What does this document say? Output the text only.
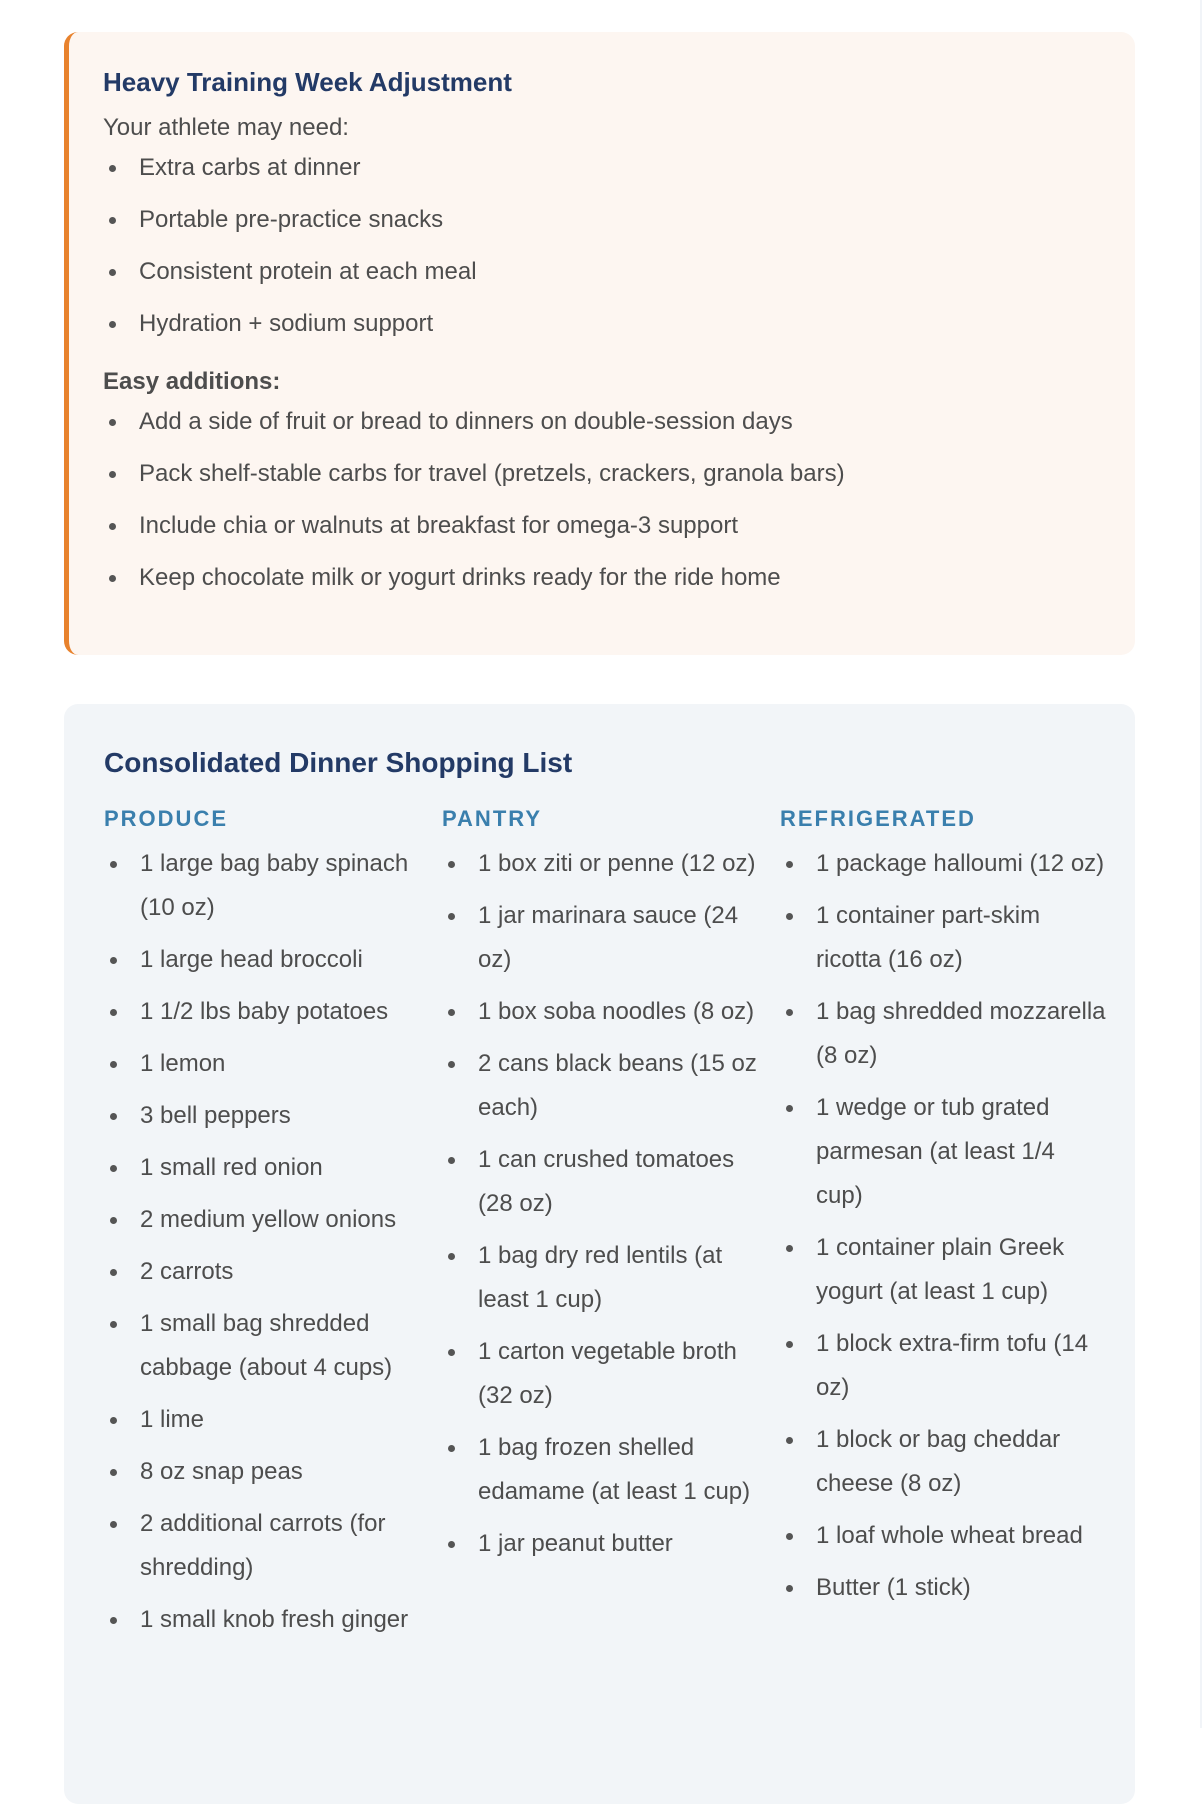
Heavy Training Week Adjustment

Your athlete may need:

Extra carbs at dinner
Portable pre-practice snacks
Consistent protein at each meal
Hydration + sodium support

Easy additions:

Add a side of fruit or bread to dinners on double-session days
Pack shelf-stable carbs for travel (pretzels, crackers, granola bars)
Include chia or walnuts at breakfast for omega-3 support
Keep chocolate milk or yogurt drinks ready for the ride home
Consolidated Dinner Shopping List
PRODUCE
1 large bag baby spinach (10 oz)
1 large head broccoli
1 1/2 lbs baby potatoes
1 lemon
3 bell peppers
1 small red onion
2 medium yellow onions
2 carrots
1 small bag shredded cabbage (about 4 cups)
1 lime
8 oz snap peas
2 additional carrots (for shredding)
1 small knob fresh ginger
PANTRY
1 box ziti or penne (12 oz)
1 jar marinara sauce (24 oz)
1 box soba noodles (8 oz)
2 cans black beans (15 oz each)
1 can crushed tomatoes (28 oz)
1 bag dry red lentils (at least 1 cup)
1 carton vegetable broth (32 oz)
1 bag frozen shelled edamame (at least 1 cup)
1 jar peanut butter
REFRIGERATED
1 package halloumi (12 oz)
1 container part-skim ricotta (16 oz)
1 bag shredded mozzarella (8 oz)
1 wedge or tub grated parmesan (at least 1/4 cup)
1 container plain Greek yogurt (at least 1 cup)
1 block extra-firm tofu (14 oz)
1 block or bag cheddar cheese (8 oz)
1 loaf whole wheat bread
Butter (1 stick)
